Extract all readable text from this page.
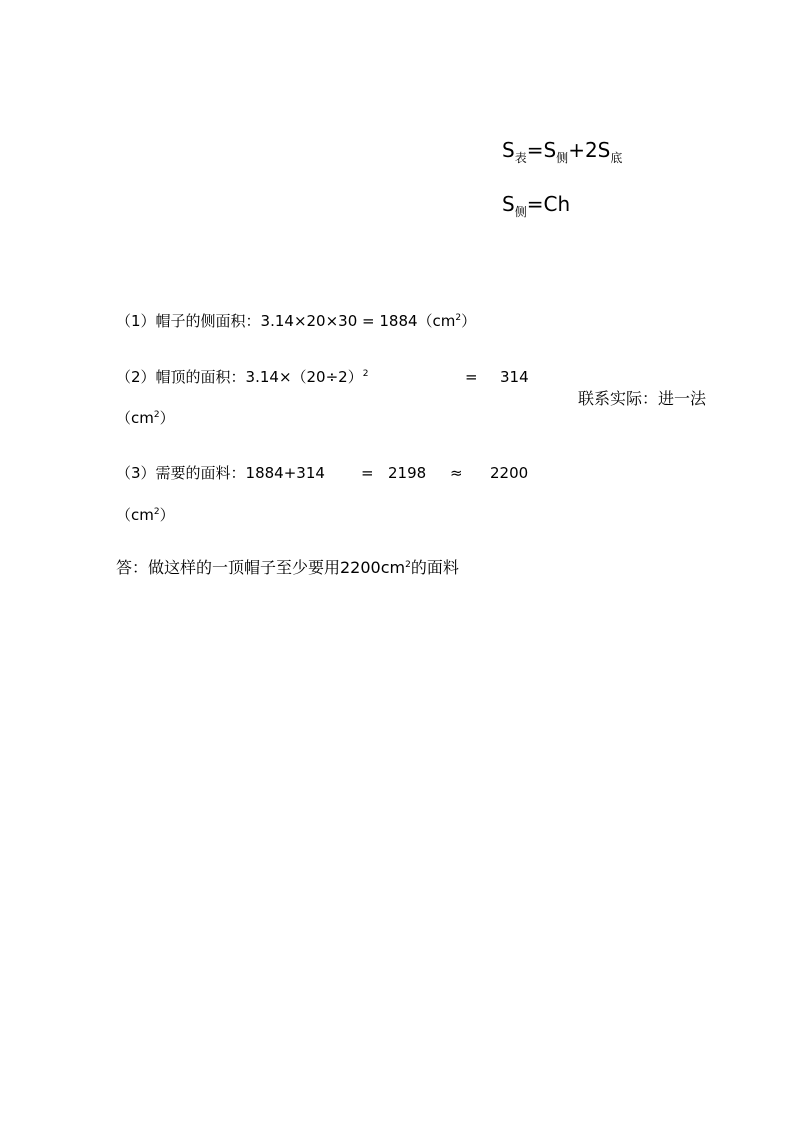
$S_表=S_侧+2S_底$
$S_侧=Ch$
（1）帽子的侧面积：$3.14\times 20\times 30 = 1884(cm^2)$
（2）帽顶的面积：$3.14\times(20\div 2)^2$	= 314
$(cm^2)$
联系实际：进一法
（3）需要的面料：1884+314 = 2198 ≈ 2200
$(cm^2)$
答：做这样的一顶帽子至少要用$2200cm^2$的面料
